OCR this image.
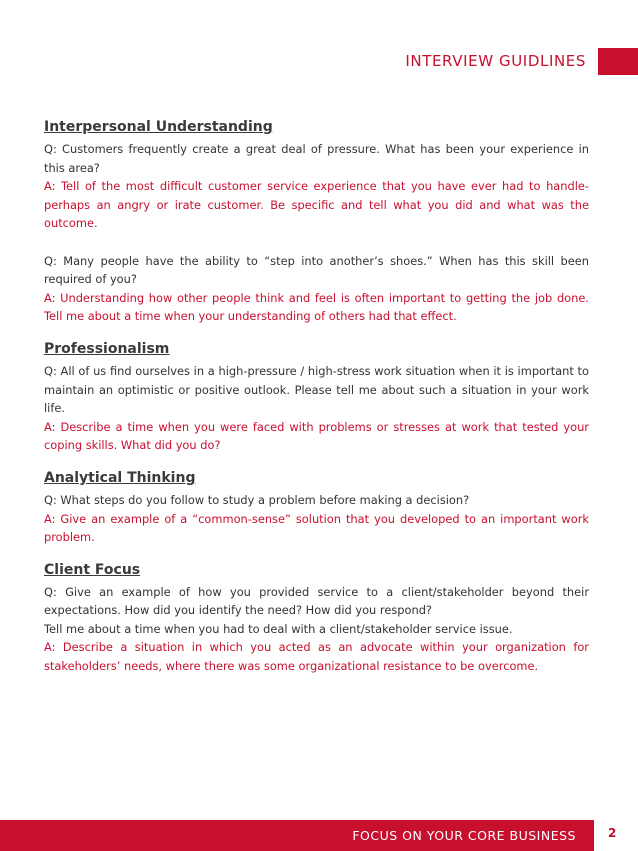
INTERVIEW GUIDLINES
Interpersonal Understanding

Q: Customers frequently create a great deal of pressure. What has been your experience in this area?

A: Tell of the most difficult customer service experience that you have ever had to handle-perhaps an angry or irate customer. Be specific and tell what you did and what was the outcome.

Q: Many people have the ability to “step into another’s shoes.” When has this skill been required of you?

A: Understanding how other people think and feel is often important to getting the job done. Tell me about a time when your understanding of others had that effect.

Professionalism

Q: All of us find ourselves in a high-pressure / high-stress work situation when it is important to maintain an optimistic or positive outlook. Please tell me about such a situation in your work life.

A: Describe a time when you were faced with problems or stresses at work that tested your coping skills. What did you do?

Analytical Thinking

Q: What steps do you follow to study a problem before making a decision?

A: Give an example of a “common-sense” solution that you developed to an important work problem.

Client Focus

Q: Give an example of how you provided service to a client/stakeholder beyond their expectations. How did you identify the need? How did you respond?

Tell me about a time when you had to deal with a client/stakeholder service issue.

A: Describe a situation in which you acted as an advocate within your organization for stakeholders’ needs, where there was some organizational resistance to be overcome.

FOCUS ON YOUR CORE BUSINESS	2
